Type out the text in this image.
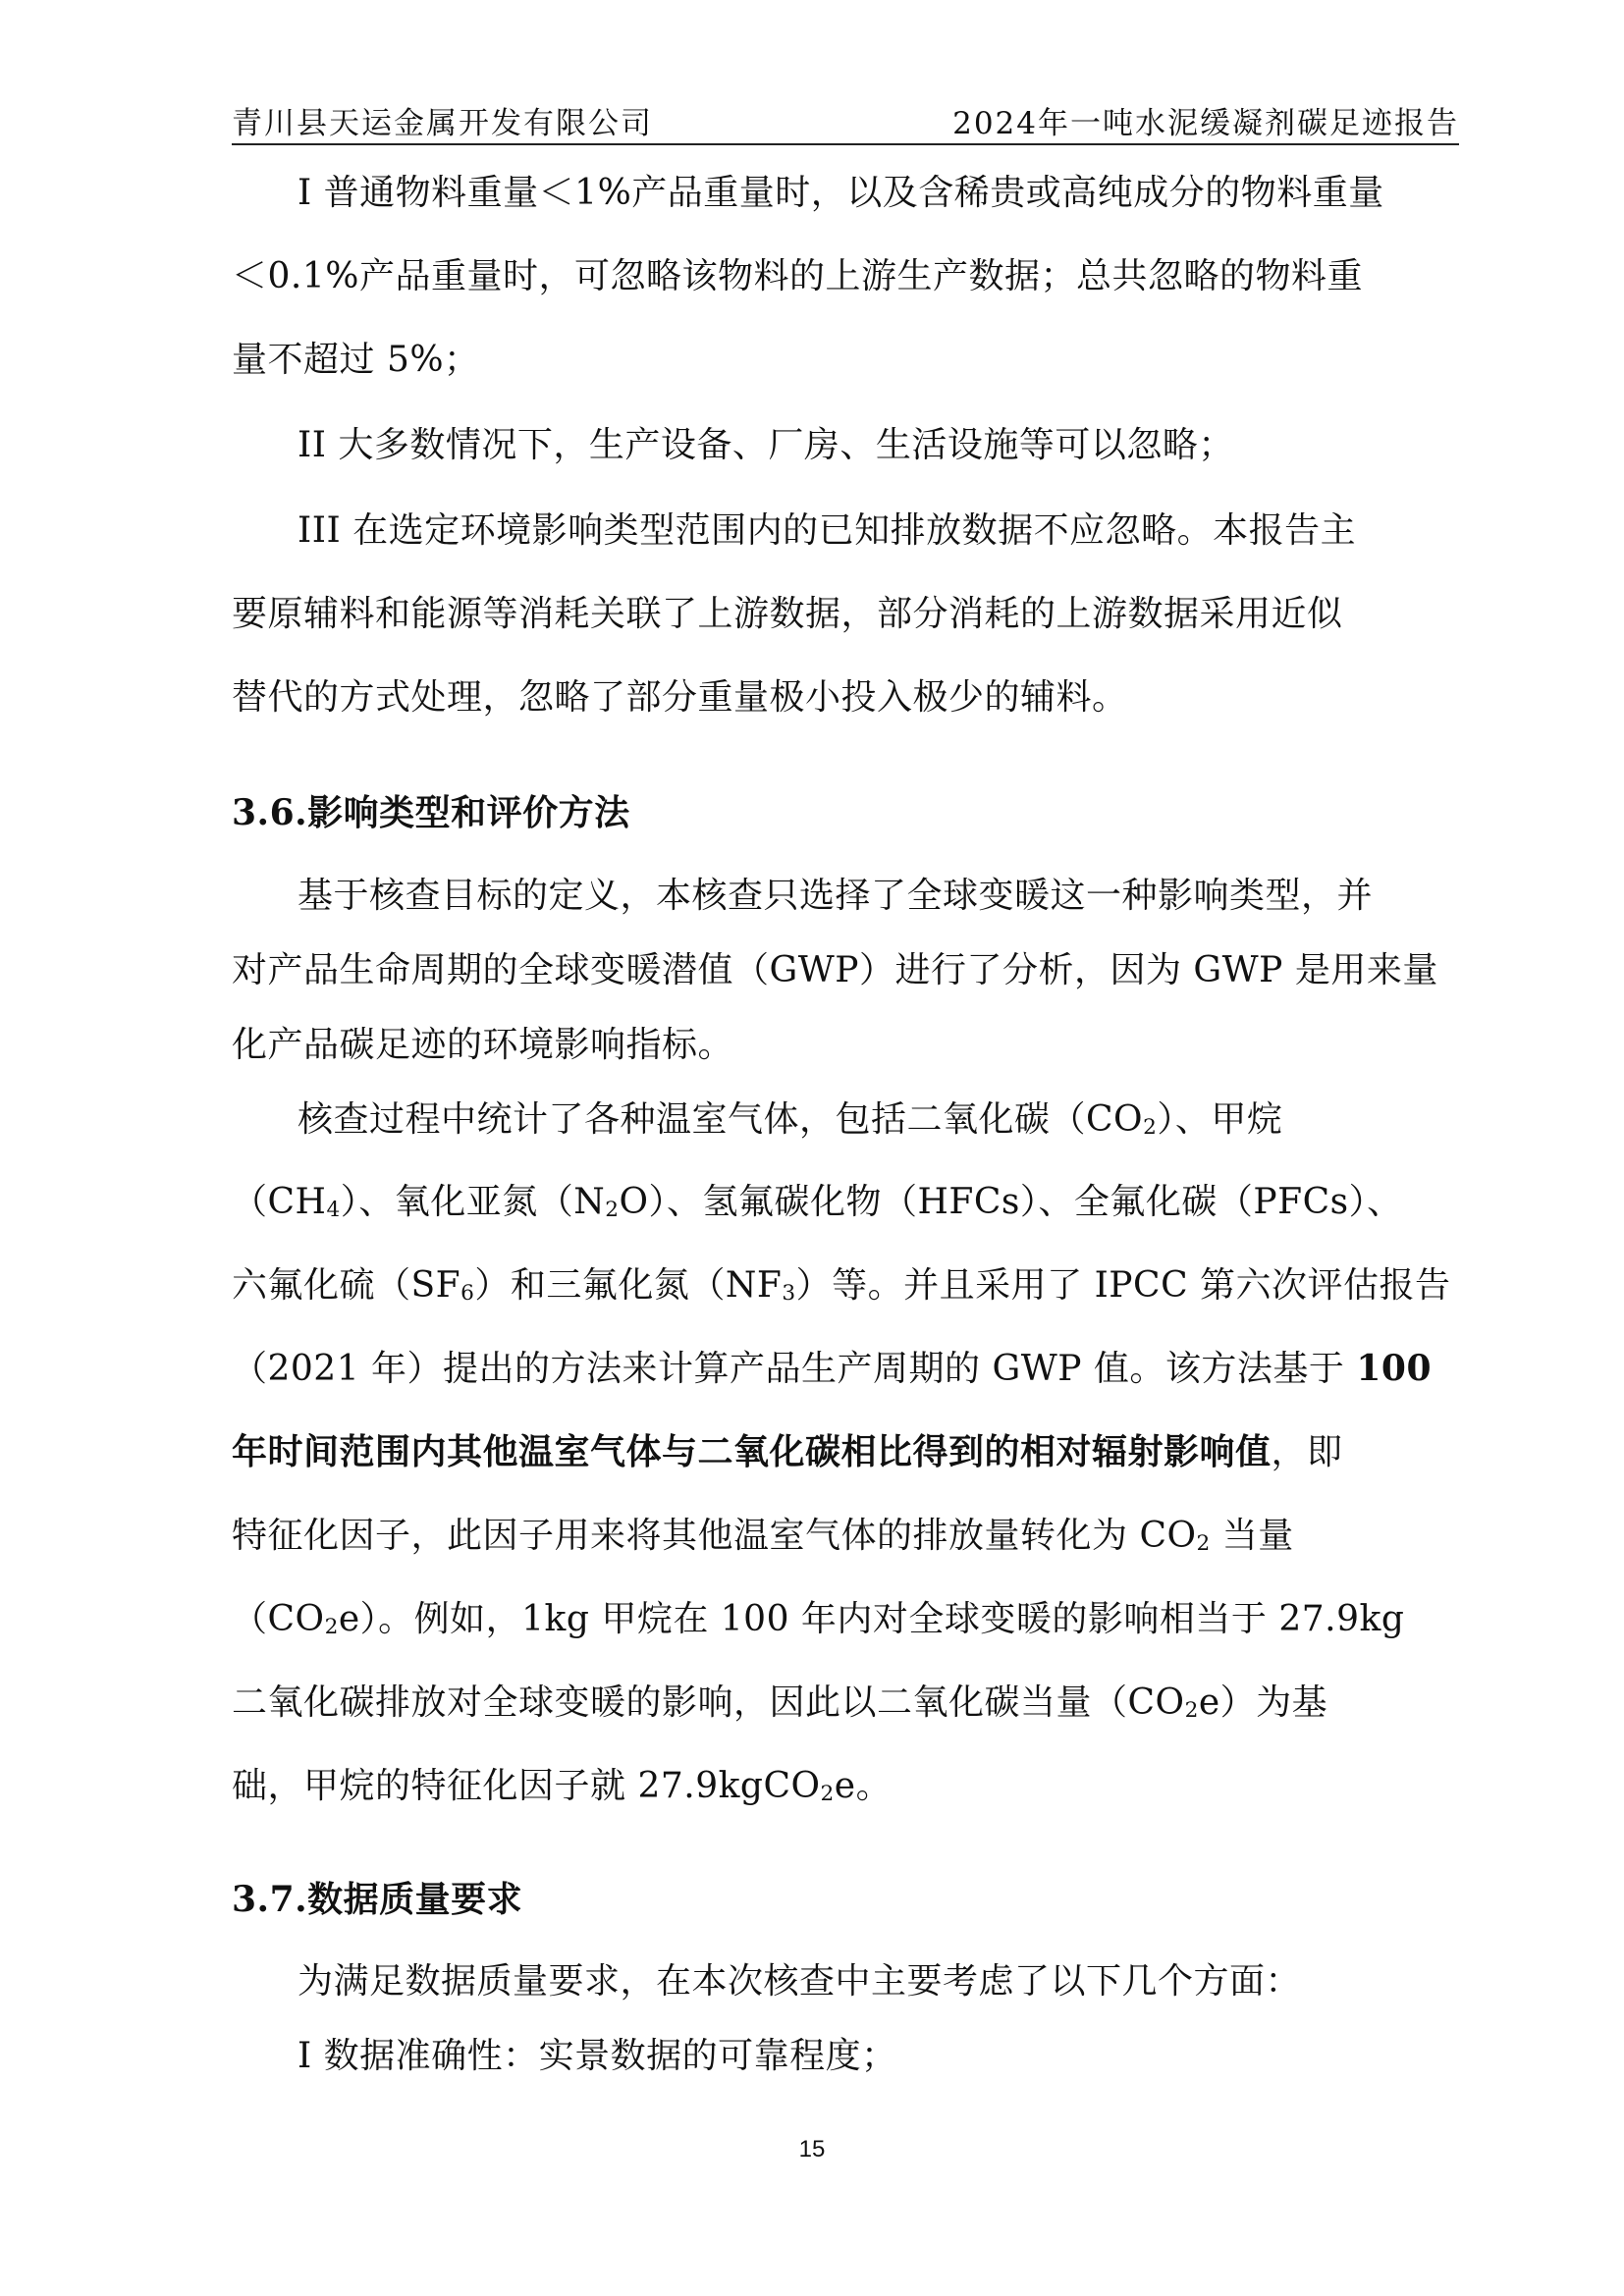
青川县天运金属开发有限公司	2024年一吨水泥缓凝剂碳足迹报告
I 普通物料重量＜1%产品重量时，以及含稀贵或高纯成分的物料重量
＜0.1%产品重量时，可忽略该物料的上游生产数据；总共忽略的物料重
量不超过 5%；
II 大多数情况下，生产设备、厂房、生活设施等可以忽略；
III 在选定环境影响类型范围内的已知排放数据不应忽略。本报告主
要原辅料和能源等消耗关联了上游数据，部分消耗的上游数据采用近似
替代的方式处理，忽略了部分重量极小投入极少的辅料。
3.6.影响类型和评价方法
基于核查目标的定义，本核查只选择了全球变暖这一种影响类型，并
对产品生命周期的全球变暖潜值（GWP）进行了分析，因为 GWP 是用来量
化产品碳足迹的环境影响指标。
核查过程中统计了各种温室气体，包括二氧化碳$(CO_2)$、甲烷
$(CH_4)$、氧化亚氮$(N_2O)$、氢氟碳化物（HFCs）、全氟化碳（PFCs）、
六氟化硫$(SF_6)$和三氟化氮$(NF_3)$等。并且采用了 IPCC 第六次评估报告
（2021 年）提出的方法来计算产品生产周期的 GWP 值。该方法基于 100
年时间范围内其他温室气体与二氧化碳相比得到的相对辐射影响值，即
特征化因子，此因子用来将其他温室气体的排放量转化为 $CO_2$ 当量
$(CO_2e)$。例如，1kg 甲烷在 100 年内对全球变暖的影响相当于 27.9kg
二氧化碳排放对全球变暖的影响，因此以二氧化碳当量$(CO_2e)$为基
础，甲烷的特征化因子就 27.9kgCO$_2$e。
3.7.数据质量要求
为满足数据质量要求，在本次核查中主要考虑了以下几个方面：
I 数据准确性：实景数据的可靠程度；
15
